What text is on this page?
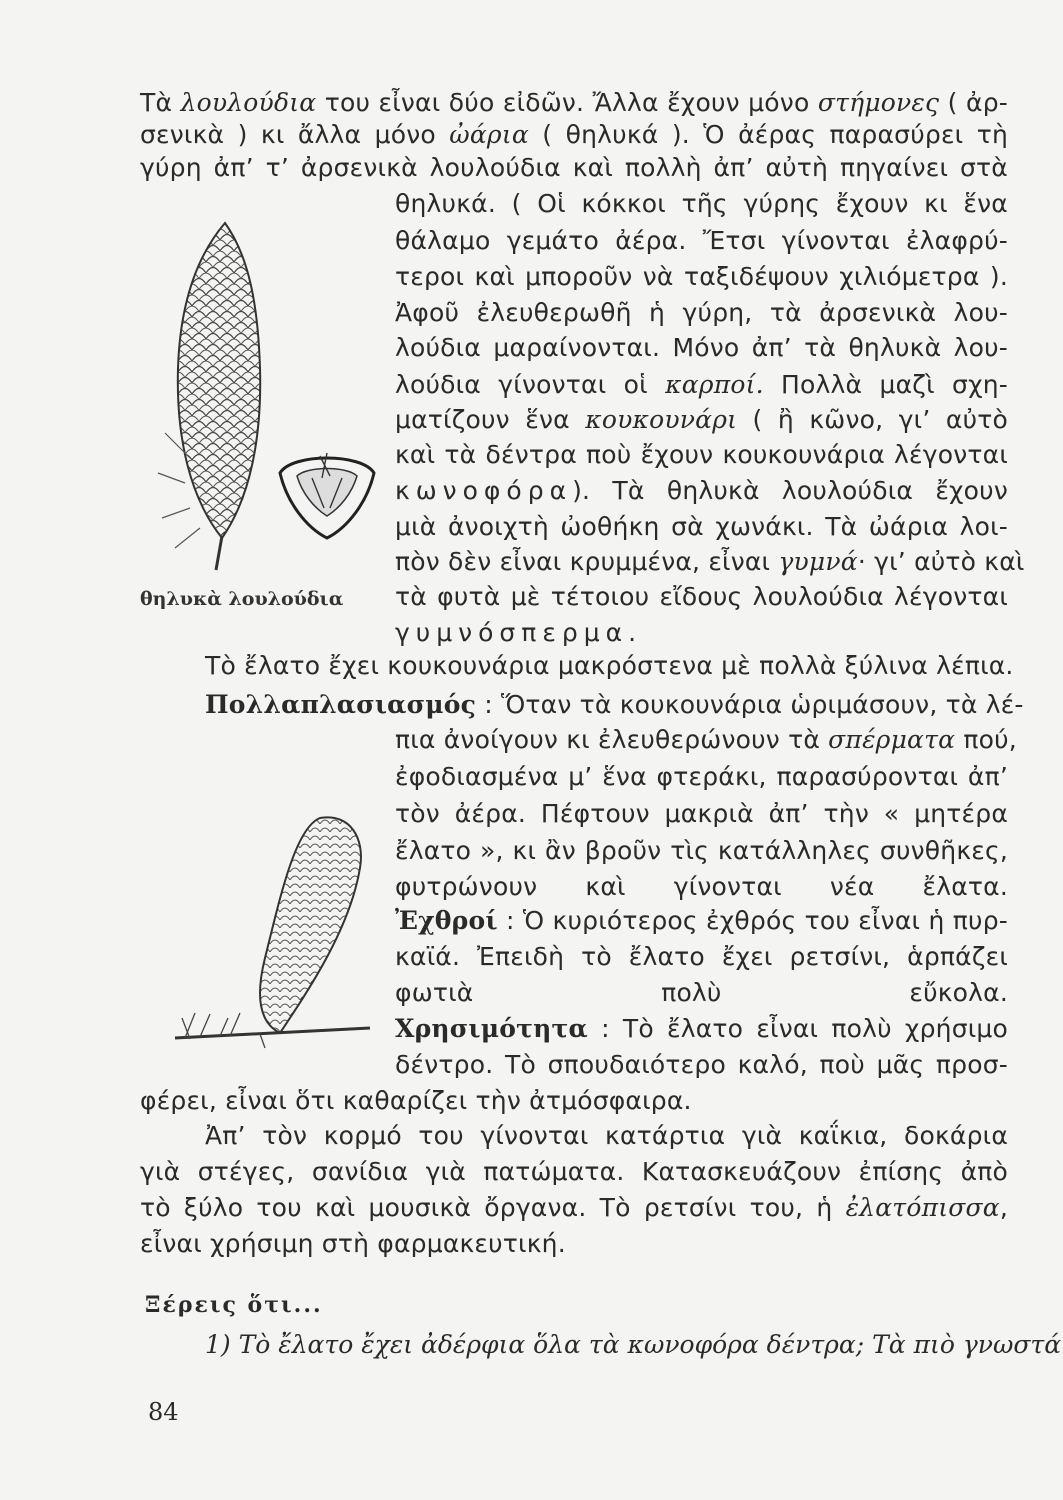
Τὰ λουλούδια του εἶναι δύο εἰδῶν. Ἄλλα ἔχουν μόνο στήμονες ( ἀρ-
σενικὰ ) κι ἄλλα μόνο ὠάρια ( θηλυκά ). Ὁ ἀέρας παρασύρει τὴ
γύρη ἀπ’ τ’ ἀρσενικὰ λουλούδια καὶ πολλὴ ἀπ’ αὐτὴ πηγαίνει στὰ
θηλυκά. ( Οἱ κόκκοι τῆς γύρης ἔχουν κι ἕνα
θάλαμο γεμάτο ἀέρα. Ἔτσι γίνονται ἐλαφρύ-
τεροι καὶ μποροῦν νὰ ταξιδέψουν χιλιόμετρα ).
Ἀφοῦ ἐλευθερωθῆ ἡ γύρη, τὰ ἀρσενικὰ λου-
λούδια μαραίνονται. Μόνο ἀπ’ τὰ θηλυκὰ λου-
λούδια γίνονται οἱ καρποί. Πολλὰ μαζὶ σχη-
ματίζουν ἕνα κουκουνάρι ( ἢ κῶνο, γι’ αὐτὸ
καὶ τὰ δέντρα ποὺ ἔχουν κουκουνάρια λέγονται
κωνοφόρα). Τὰ θηλυκὰ λουλούδια ἔχουν
μιὰ ἀνοιχτὴ ὠοθήκη σὰ χωνάκι. Τὰ ὠάρια λοι-
πὸν δὲν εἶναι κρυμμένα, εἶναι γυμνά· γι’ αὐτὸ καὶ
τὰ φυτὰ μὲ τέτοιου εἴδους λουλούδια λέγονται
γυμνόσπερμα.
θηλυκὰ λουλούδια
Τὸ ἔλατο ἔχει κουκουνάρια μακρόστενα μὲ πολλὰ ξύλινα λέπια.
Πολλαπλασιασμός : Ὅταν τὰ κουκουνάρια ὡριμάσουν, τὰ λέ-
πια ἀνοίγουν κι ἐλευθερώνουν τὰ σπέρματα πού,
ἐφοδιασμένα μ’ ἕνα φτεράκι, παρασύρονται ἀπ’
τὸν ἀέρα. Πέφτουν μακριὰ ἀπ’ τὴν « μητέρα
ἔλατο », κι ἂν βροῦν τὶς κατάλληλες συνθῆκες,
φυτρώνουν καὶ γίνονται νέα ἔλατα.
Ἐχθροί : Ὁ κυριότερος ἐχθρός του εἶναι ἡ πυρ-
καϊά. Ἐπειδὴ τὸ ἔλατο ἔχει ρετσίνι, ἁρπάζει
φωτιὰ πολὺ εὔκολα.
Χρησιμότητα : Τὸ ἔλατο εἶναι πολὺ χρήσιμο
δέντρο. Τὸ σπουδαιότερο καλό, ποὺ μᾶς προσ-
φέρει, εἶναι ὅτι καθαρίζει τὴν ἀτμόσφαιρα.
Ἀπ’ τὸν κορμό του γίνονται κατάρτια γιὰ καΐκια, δοκάρια
γιὰ στέγες, σανίδια γιὰ πατώματα. Κατασκευάζουν ἐπίσης ἀπὸ
τὸ ξύλο του καὶ μουσικὰ ὄργανα. Τὸ ρετσίνι του, ἡ ἐλατόπισσα,
εἶναι χρήσιμη στὴ φαρμακευτική.
Ξέρεις ὅτι...
1) Τὸ ἔλατο ἔχει ἀδέρφια ὅλα τὰ κωνοφόρα δέντρα; Τὰ πιὸ γνωστά
84
